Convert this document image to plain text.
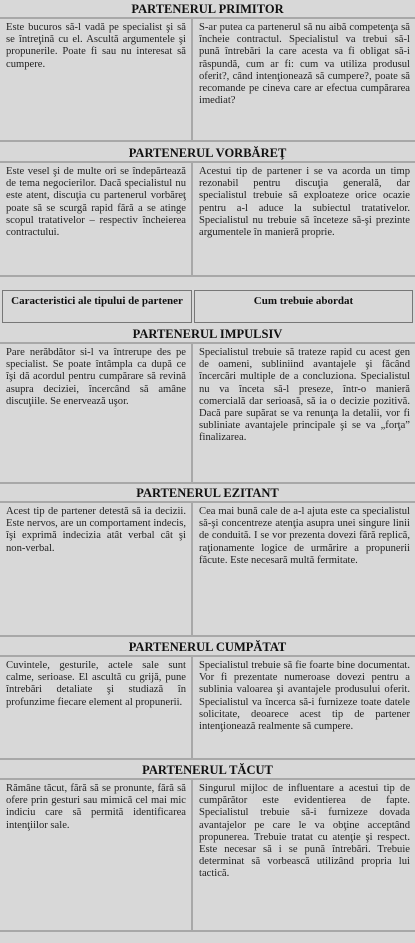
PARTENERUL PRIMITOR
Este bucuros să-l vadă pe specialist şi să se întreţină cu el. Ascultă argumentele şi propunerile. Poate fi sau nu interesat să cumpere.
S-ar putea ca partenerul să nu aibă competenţa să încheie contractul. Specialistul va trebui să-l pună întrebări la care acesta va fi obligat să-i răspundă, cum ar fi: cum va utiliza produsul oferit?, când intenţionează să cumpere?, poate să recomande pe cineva care ar efectua cumpărarea imediat?
PARTENERUL VORBĂREŢ
Este vesel şi de multe ori se îndepărtează de tema negocierilor. Dacă specialistul nu este atent, discuţia cu partenerul vorbăreţ poate să se scurgă rapid fără a se atinge scopul tratativelor – respectiv încheierea contractului.
Acestui tip de partener i se va acorda un timp rezonabil pentru discuţia generală, dar specialistul trebuie să exploateze orice ocazie pentru a-l aduce la subiectul tratativelor. Specialistul nu trebuie să înceteze să-şi prezinte argumentele în manieră proprie.
Caracteristici ale tipului de partener	Cum trebuie abordat
PARTENERUL IMPULSIV
Pare nerăbdător si-l va întrerupe des pe specialist. Se poate întâmpla ca după ce îşi dă acordul pentru cumpărare să revină asupra deciziei, încercând să amâne discuţiile. Se enervează uşor.
Specialistul trebuie să trateze rapid cu acest gen de oameni, subliniind avantajele şi făcând încercări multiple de a concluziona. Specialistul nu va înceta să-l preseze, într-o manieră comercială dar serioasă, să ia o decizie pozitivă. Dacă pare supărat se va renunţa la detalii, vor fi subliniate avantajele principale şi se va „forţa” finalizarea.
PARTENERUL EZITANT
Acest tip de partener detestă să ia decizii. Este nervos, are un comportament indecis, îşi exprimă indecizia atât verbal cât şi non-verbal.
Cea mai bună cale de a-l ajuta este ca specialistul să-şi concentreze atenţia asupra unei singure linii de conduită. I se vor prezenta dovezi fără replică, raţionamente logice de urmărire a propunerii făcute. Este necesară multă fermitate.
PARTENERUL CUMPĂTAT
Cuvintele, gesturile, actele sale sunt calme, serioase. El ascultă cu grijă, pune întrebări detaliate şi studiază în profunzime fiecare element al propunerii.
Specialistul trebuie să fie foarte bine documentat. Vor fi prezentate numeroase dovezi pentru a sublinia valoarea şi avantajele produsului oferit. Specialistul va încerca să-i furnizeze toate datele solicitate, deoarece acest tip de partener intenţionează realmente să cumpere.
PARTENERUL TĂCUT
Rămâne tăcut, fără să se pronunte, fără să ofere prin gesturi sau mimică cel mai mic indiciu care să permită identificarea intenţiilor sale.
Singurul mijloc de influentare a acestui tip de cumpărător este evidentierea de fapte. Specialistul trebuie să-i furnizeze dovada avantajelor pe care le va obţine acceptând propunerea. Trebuie tratat cu atenţie şi respect. Este necesar să i se pună întrebări. Trebuie determinat să vorbească utilizând propria lui tactică.
